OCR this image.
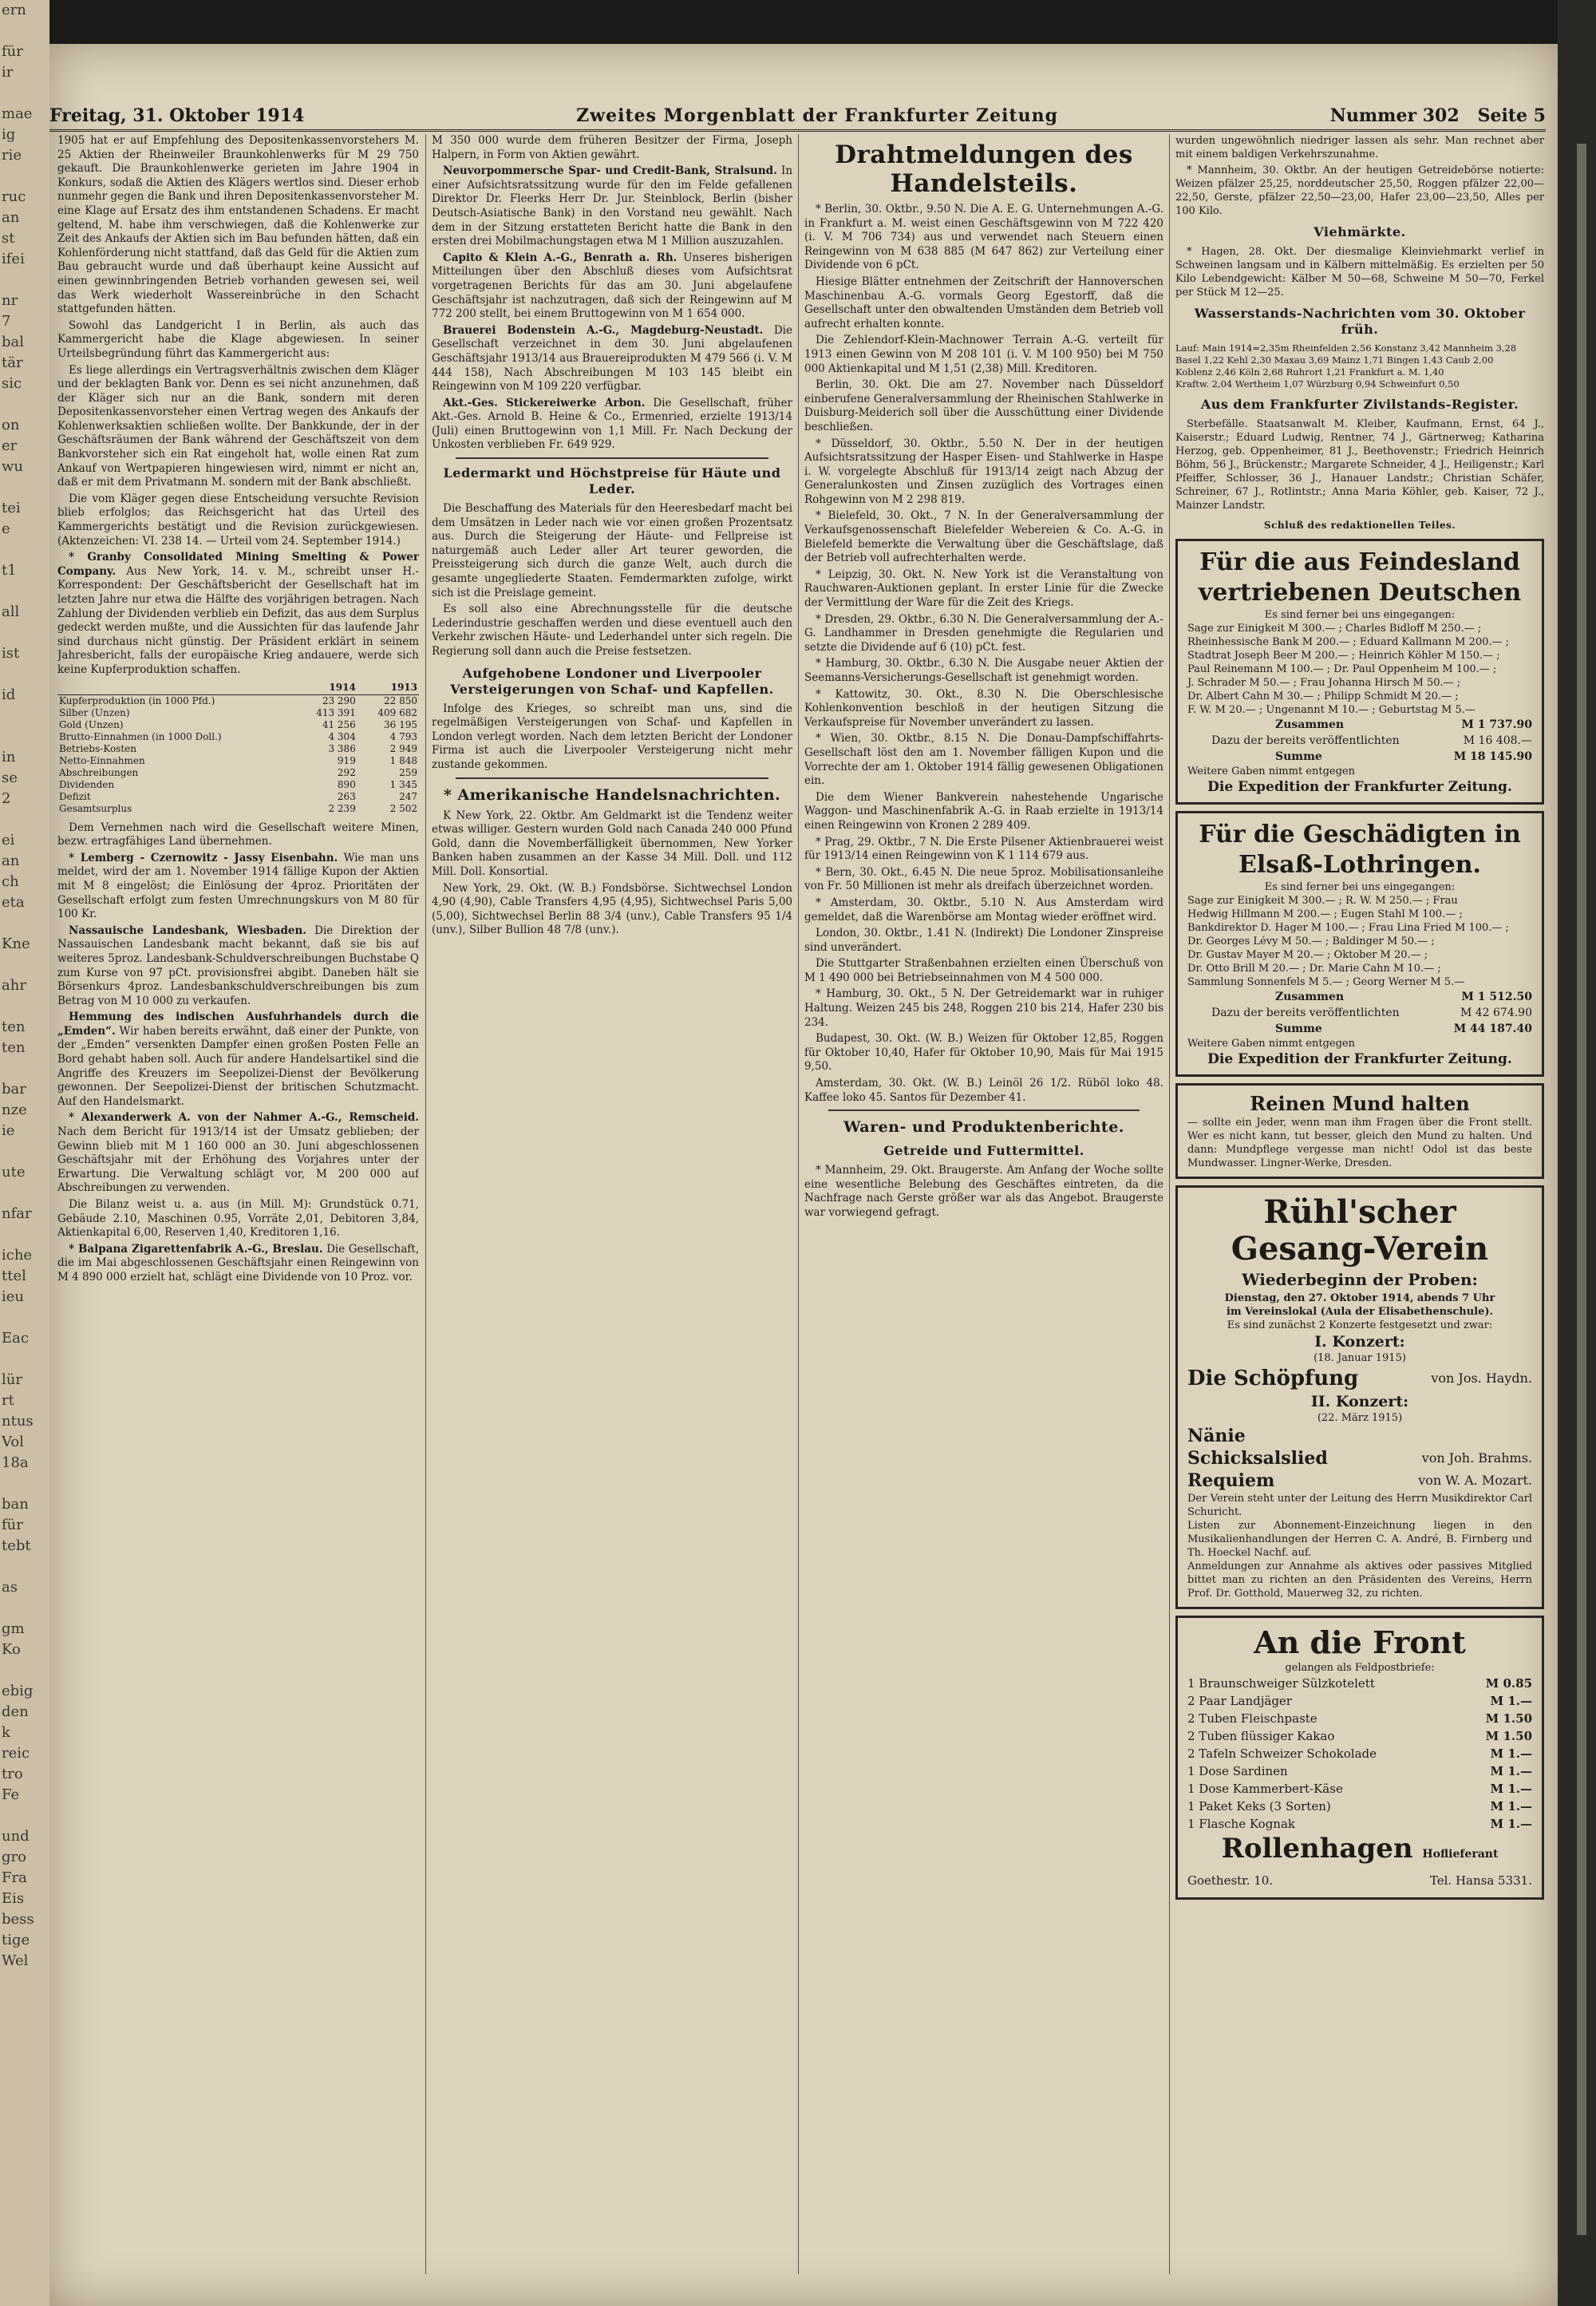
ern

für
ir

mae
ig
rie

ruc
an
st
ifei

nr
7
bal
tär
sic

on
er
wu

tei
e

t1

all

ist

id

in
se
2

ei
an
ch
eta

Kne

ahr

ten
ten

bar
nze
ie

ute

nfar

iche
ttel
ieu

Eac

lür
rt
ntus
Vol
18a

ban
für
tebt

as

gm
Ko

ebig
den
k
reic
tro
Fe

und
gro
Fra
Eis
bess
tige
Wel
Freitag, 31. Oktober 1914	Zweites Morgenblatt der Frankfurter Zeitung	Nummer 302 Seite 5

1905 hat er auf Empfehlung des Depositenkassenvorstehers M. 25 Aktien der Rheinweiler Braunkohlenwerks für M 29 750 gekauft. Die Braunkohlenwerke gerieten im Jahre 1904 in Konkurs, sodaß die Aktien des Klägers wertlos sind. Dieser erhob nunmehr gegen die Bank und ihren Depositenkassenvorsteher M. eine Klage auf Ersatz des ihm entstandenen Schadens. Er macht geltend, M. habe ihm verschwiegen, daß die Kohlenwerke zur Zeit des Ankaufs der Aktien sich im Bau befunden hätten, daß ein Kohlenförderung nicht stattfand, daß das Geld für die Aktien zum Bau gebraucht wurde und daß überhaupt keine Aussicht auf einen gewinnbringenden Betrieb vorhanden gewesen sei, weil das Werk wiederholt Wassereinbrüche in den Schacht stattgefunden hätten.

Sowohl das Landgericht I in Berlin, als auch das Kammergericht habe die Klage abgewiesen. In seiner Urteilsbegründung führt das Kammergericht aus:

Es liege allerdings ein Vertragsverhältnis zwischen dem Kläger und der beklagten Bank vor. Denn es sei nicht anzunehmen, daß der Kläger sich nur an die Bank, sondern mit deren Depositenkassenvorsteher einen Vertrag wegen des Ankaufs der Kohlenwerksaktien schließen wollte. Der Bankkunde, der in der Geschäftsräumen der Bank während der Geschäftszeit von dem Bankvorsteher sich ein Rat eingeholt hat, wolle einen Rat zum Ankauf von Wertpapieren hingewiesen wird, nimmt er nicht an, daß er mit dem Privatmann M. sondern mit der Bank abschließt.

Die vom Kläger gegen diese Entscheidung versuchte Revision blieb erfolglos; das Reichsgericht hat das Urteil des Kammergerichts bestätigt und die Revision zurückgewiesen. (Aktenzeichen: VI. 238 14. — Urteil vom 24. September 1914.)

* Granby Consolidated Mining Smelting & Power Company. Aus New York, 14. v. M., schreibt unser H.-Korrespondent: Der Geschäftsbericht der Gesellschaft hat im letzten Jahre nur etwa die Hälfte des vorjährigen betragen. Nach Zahlung der Dividenden verblieb ein Defizit, das aus dem Surplus gedeckt werden mußte, und die Aussichten für das laufende Jahr sind durchaus nicht günstig. Der Präsident erklärt in seinem Jahresbericht, falls der europäische Krieg andauere, werde sich keine Kupferproduktion schaffen.

	1914	1913
Kupferproduktion (in 1000 Pfd.)	23 290	22 850
Silber (Unzen)	413 391	409 682
Gold (Unzen)	41 256	36 195
Brutto-Einnahmen (in 1000 Doll.)	4 304	4 793
Betriebs-Kosten	3 386	2 949
Netto-Einnahmen	919	1 848
Abschreibungen	292	259
Dividenden	890	1 345
Defizit	263	247
Gesamtsurplus	2 239	2 502

Dem Vernehmen nach wird die Gesellschaft weitere Minen, bezw. ertragfähiges Land übernehmen.

* Lemberg - Czernowitz - Jassy Eisenbahn. Wie man uns meldet, wird der am 1. November 1914 fällige Kupon der Aktien mit M 8 eingelöst; die Einlösung der 4proz. Prioritäten der Gesellschaft erfolgt zum festen Umrechnungskurs von M 80 für 100 Kr.

Nassauische Landesbank, Wiesbaden. Die Direktion der Nassauischen Landesbank macht bekannt, daß sie bis auf weiteres 5proz. Landesbank-Schuldverschreibungen Buchstabe Q zum Kurse von 97 pCt. provisionsfrei abgibt. Daneben hält sie Börsenkurs 4proz. Landesbankschuldverschreibungen bis zum Betrag von M 10 000 zu verkaufen.

Hemmung des indischen Ausfuhrhandels durch die „Emden“. Wir haben bereits erwähnt, daß einer der Punkte, von der „Emden“ versenkten Dampfer einen großen Posten Felle an Bord gehabt haben soll. Auch für andere Handelsartikel sind die Angriffe des Kreuzers im Seepolizei-Dienst der Bevölkerung gewonnen. Der Seepolizei-Dienst der britischen Schutzmacht. Auf den Handelsmarkt.

* Alexanderwerk A. von der Nahmer A.-G., Remscheid. Nach dem Bericht für 1913/14 ist der Umsatz geblieben; der Gewinn blieb mit M 1 160 000 an 30. Juni abgeschlossenen Geschäftsjahr mit der Erhöhung des Vorjahres unter der Erwartung. Die Verwaltung schlägt vor, M 200 000 auf Abschreibungen zu verwenden.

Die Bilanz weist u. a. aus (in Mill. M): Grundstück 0.71, Gebäude 2.10, Maschinen 0.95, Vorräte 2,01, Debitoren 3,84, Aktienkapital 6,00, Reserven 1,40, Kreditoren 1,16.

* Balpana Zigarettenfabrik A.-G., Breslau. Die Gesellschaft, die im Mai abgeschlossenen Geschäftsjahr einen Reingewinn von M 4 890 000 erzielt hat, schlägt eine Dividende von 10 Proz. vor.

M 350 000 wurde dem früheren Besitzer der Firma, Joseph Halpern, in Form von Aktien gewährt.

Neuvorpommersche Spar- und Credit-Bank, Stralsund. In einer Aufsichtsratssitzung wurde für den im Felde gefallenen Direktor Dr. Fleerks Herr Dr. Jur. Steinblock, Berlin (bisher Deutsch-Asiatische Bank) in den Vorstand neu gewählt. Nach dem in der Sitzung erstatteten Bericht hatte die Bank in den ersten drei Mobilmachungstagen etwa M 1 Million auszuzahlen.

Capito & Klein A.-G., Benrath a. Rh. Unseres bisherigen Mitteilungen über den Abschluß dieses vom Aufsichtsrat vorgetragenen Berichts für das am 30. Juni abgelaufene Geschäftsjahr ist nachzutragen, daß sich der Reingewinn auf M 772 200 stellt, bei einem Bruttogewinn von M 1 654 000.

Brauerei Bodenstein A.-G., Magdeburg-Neustadt. Die Gesellschaft verzeichnet in dem 30. Juni abgelaufenen Geschäftsjahr 1913/14 aus Brauereiprodukten M 479 566 (i. V. M 444 158), Nach Abschreibungen M 103 145 bleibt ein Reingewinn von M 109 220 verfügbar.

Akt.-Ges. Stickereiwerke Arbon. Die Gesellschaft, früher Akt.-Ges. Arnold B. Heine & Co., Ermenried, erzielte 1913/14 (Juli) einen Bruttogewinn von 1,1 Mill. Fr. Nach Deckung der Unkosten verblieben Fr. 649 929.

Ledermarkt und Höchstpreise für Häute und Leder.

Die Beschaffung des Materials für den Heeresbedarf macht bei dem Umsätzen in Leder nach wie vor einen großen Prozentsatz aus. Durch die Steigerung der Häute- und Fellpreise ist naturgemäß auch Leder aller Art teurer geworden, die Preissteigerung sich durch die ganze Welt, auch durch die gesamte ungegliederte Staaten. Femdermarkten zufolge, wirkt sich ist die Preislage gemeint.

Es soll also eine Abrechnungsstelle für die deutsche Lederindustrie geschaffen werden und diese eventuell auch den Verkehr zwischen Häute- und Lederhandel unter sich regeln. Die Regierung soll dann auch die Preise festsetzen.

Aufgehobene Londoner und Liverpooler Versteigerungen von Schaf- und Kapfellen.

Infolge des Krieges, so schreibt man uns, sind die regelmäßigen Versteigerungen von Schaf- und Kapfellen in London verlegt worden. Nach dem letzten Bericht der Londoner Firma ist auch die Liverpooler Versteigerung nicht mehr zustande gekommen.

* Amerikanische Handelsnachrichten.

K New York, 22. Oktbr. Am Geldmarkt ist die Tendenz weiter etwas williger. Gestern wurden Gold nach Canada 240 000 Pfund Gold, dann die Novemberfälligkeit übernommen, New Yorker Banken haben zusammen an der Kasse 34 Mill. Doll. und 112 Mill. Doll. Konsortial.

New York, 29. Okt. (W. B.) Fondsbörse. Sichtwechsel London 4,90 (4,90), Cable Transfers 4,95 (4,95), Sichtwechsel Paris 5,00 (5,00), Sichtwechsel Berlin 88 3/4 (unv.), Cable Transfers 95 1/4 (unv.), Silber Bullion 48 7/8 (unv.).

Drahtmeldungen des Handelsteils.

* Berlin, 30. Oktbr., 9.50 N. Die A. E. G. Unternehmungen A.-G. in Frankfurt a. M. weist einen Geschäftsgewinn von M 722 420 (i. V. M 706 734) aus und verwendet nach Steuern einen Reingewinn von M 638 885 (M 647 862) zur Verteilung einer Dividende von 6 pCt.

Hiesige Blätter entnehmen der Zeitschrift der Hannoverschen Maschinenbau A.-G. vormals Georg Egestorff, daß die Gesellschaft unter den obwaltenden Umständen dem Betrieb voll aufrecht erhalten konnte.

Die Zehlendorf-Klein-Machnower Terrain A.-G. verteilt für 1913 einen Gewinn von M 208 101 (i. V. M 100 950) bei M 750 000 Aktienkapital und M 1,51 (2,38) Mill. Kreditoren.

Berlin, 30. Okt. Die am 27. November nach Düsseldorf einberufene Generalversammlung der Rheinischen Stahlwerke in Duisburg-Meiderich soll über die Ausschüttung einer Dividende beschließen.

* Düsseldorf, 30. Oktbr., 5.50 N. Der in der heutigen Aufsichtsratssitzung der Hasper Eisen- und Stahlwerke in Haspe i. W. vorgelegte Abschluß für 1913/14 zeigt nach Abzug der Generalunkosten und Zinsen zuzüglich des Vortrages einen Rohgewinn von M 2 298 819.

* Bielefeld, 30. Okt., 7 N. In der Generalversammlung der Verkaufsgenossenschaft Bielefelder Webereien & Co. A.-G. in Bielefeld bemerkte die Verwaltung über die Geschäftslage, daß der Betrieb voll aufrechterhalten werde.

* Leipzig, 30. Okt. N. New York ist die Veranstaltung von Rauchwaren-Auktionen geplant. In erster Linie für die Zwecke der Vermittlung der Ware für die Zeit des Kriegs.

* Dresden, 29. Oktbr., 6.30 N. Die Generalversammlung der A.-G. Landhammer in Dresden genehmigte die Regularien und setzte die Dividende auf 6 (10) pCt. fest.

* Hamburg, 30. Oktbr., 6.30 N. Die Ausgabe neuer Aktien der Seemanns-Versicherungs-Gesellschaft ist genehmigt worden.

* Kattowitz, 30. Okt., 8.30 N. Die Oberschlesische Kohlenkonvention beschloß in der heutigen Sitzung die Verkaufspreise für November unverändert zu lassen.

* Wien, 30. Oktbr., 8.15 N. Die Donau-Dampfschiffahrts-Gesellschaft löst den am 1. November fälligen Kupon und die Vorrechte der am 1. Oktober 1914 fällig gewesenen Obligationen ein.

Die dem Wiener Bankverein nahestehende Ungarische Waggon- und Maschinenfabrik A.-G. in Raab erzielte in 1913/14 einen Reingewinn von Kronen 2 289 409.

* Prag, 29. Oktbr., 7 N. Die Erste Pilsener Aktienbrauerei weist für 1913/14 einen Reingewinn von K 1 114 679 aus.

* Bern, 30. Okt., 6.45 N. Die neue 5proz. Mobilisationsanleihe von Fr. 50 Millionen ist mehr als dreifach überzeichnet worden.

* Amsterdam, 30. Oktbr., 5.10 N. Aus Amsterdam wird gemeldet, daß die Warenbörse am Montag wieder eröffnet wird.

London, 30. Oktbr., 1.41 N. (Indirekt) Die Londoner Zinspreise sind unverändert.

Die Stuttgarter Straßenbahnen erzielten einen Überschuß von M 1 490 000 bei Betriebseinnahmen von M 4 500 000.

* Hamburg, 30. Okt., 5 N. Der Getreidemarkt war in ruhiger Haltung. Weizen 245 bis 248, Roggen 210 bis 214, Hafer 230 bis 234.

Budapest, 30. Okt. (W. B.) Weizen für Oktober 12,85, Roggen für Oktober 10,40, Hafer für Oktober 10,90, Mais für Mai 1915 9,50.

Amsterdam, 30. Okt. (W. B.) Leinöl 26 1/2. Rüböl loko 48. Kaffee loko 45. Santos für Dezember 41.

Waren- und Produktenberichte.
Getreide und Futtermittel.

* Mannheim, 29. Okt. Braugerste. Am Anfang der Woche sollte eine wesentliche Belebung des Geschäftes eintreten, da die Nachfrage nach Gerste größer war als das Angebot. Braugerste war vorwiegend gefragt.

wurden ungewöhnlich niedriger lassen als sehr. Man rechnet aber mit einem baldigen Verkehrszunahme.

* Mannheim, 30. Oktbr. An der heutigen Getreidebörse notierte: Weizen pfälzer 25,25, norddeutscher 25,50, Roggen pfälzer 22,00—22,50, Gerste, pfälzer 22,50—23,00, Hafer 23,00—23,50, Alles per 100 Kilo.

Viehmärkte.

* Hagen, 28. Okt. Der diesmalige Kleinviehmarkt verlief in Schweinen langsam und in Kälbern mittelmäßig. Es erzielten per 50 Kilo Lebendgewicht: Kälber M 50—68, Schweine M 50—70, Ferkel per Stück M 12—25.

Wasserstands-Nachrichten vom 30. Oktober früh.
Lauf: Main 1914=2,35m Rheinfelden 2,56 Konstanz 3,42 Mannheim 3,28
Basel 1,22 Kehl 2,30 Maxau 3,69 Mainz 1,71 Bingen 1,43 Caub 2,00
Koblenz 2,46 Köln 2,68 Ruhrort 1,21 Frankfurt a. M. 1,40
Kraftw. 2,04 Wertheim 1,07 Würzburg 0,94 Schweinfurt 0,50
Aus dem Frankfurter Zivilstands-Register.

Sterbefälle. Staatsanwalt M. Kleiber, Kaufmann, Ernst, 64 J., Kaiserstr.; Eduard Ludwig, Rentner, 74 J., Gärtnerweg; Katharina Herzog, geb. Oppenheimer, 81 J., Beethovenstr.; Friedrich Heinrich Böhm, 56 J., Brückenstr.; Margarete Schneider, 4 J., Heiligenstr.; Karl Pfeiffer, Schlosser, 36 J., Hanauer Landstr.; Christian Schäfer, Schreiner, 67 J., Rotlintstr.; Anna Maria Köhler, geb. Kaiser, 72 J., Mainzer Landstr.

Schluß des redaktionellen Teiles.
Für die aus Feindesland vertriebenen Deutschen
Es sind ferner bei uns eingegangen:
Sage zur Einigkeit M 300.— ; Charles Bidloff M 250.— ;
Rheinhessische Bank M 200.— ; Eduard Kallmann M 200.— ;
Stadtrat Joseph Beer M 200.— ; Heinrich Köhler M 150.— ;
Paul Reinemann M 100.— ; Dr. Paul Oppenheim M 100.— ;
J. Schrader M 50.— ; Frau Johanna Hirsch M 50.— ;
Dr. Albert Cahn M 30.— ; Philipp Schmidt M 20.— ;
F. W. M 20.— ; Ungenannt M 10.— ; Geburtstag M 5.—
Zusammen	M 1 737.90
Dazu der bereits veröffentlichten	M 16 408.—
Summe	M 18 145.90
Weitere Gaben nimmt entgegen
Die Expedition der Frankfurter Zeitung.
Für die Geschädigten in Elsaß-Lothringen.
Es sind ferner bei uns eingegangen:
Sage zur Einigkeit M 300.— ; R. W. M 250.— ; Frau
Hedwig Hillmann M 200.— ; Eugen Stahl M 100.— ;
Bankdirektor D. Hager M 100.— ; Frau Lina Fried M 100.— ;
Dr. Georges Lévy M 50.— ; Baldinger M 50.— ;
Dr. Gustav Mayer M 20.— ; Oktober M 20.— ;
Dr. Otto Brill M 20.— ; Dr. Marie Cahn M 10.— ;
Sammlung Sonnenfels M 5.— ; Georg Werner M 5.—
Zusammen	M 1 512.50
Dazu der bereits veröffentlichten	M 42 674.90
Summe	M 44 187.40
Weitere Gaben nimmt entgegen
Die Expedition der Frankfurter Zeitung.
Reinen Mund halten
— sollte ein Jeder, wenn man ihm Fragen über die Front stellt. Wer es nicht kann, tut besser, gleich den Mund zu halten. Und dann: Mundpflege vergesse man nicht! Odol ist das beste Mundwasser. Lingner-Werke, Dresden.
Rühl'scher Gesang-Verein
Wiederbeginn der Proben:
Dienstag, den 27. Oktober 1914, abends 7 Uhr
im Vereinslokal (Aula der Elisabethenschule).
Es sind zunächst 2 Konzerte festgesetzt und zwar:
I. Konzert:
(18. Januar 1915)
Die Schöpfung	von Jos. Haydn.
II. Konzert:
(22. März 1915)
Nänie
Schicksalslied	von Joh. Brahms.
Requiem	von W. A. Mozart.
Der Verein steht unter der Leitung des Herrn Musikdirektor Carl Schuricht.
Listen zur Abonnement-Einzeichnung liegen in den Musikalienhandlungen der Herren C. A. André, B. Firnberg und Th. Hoeckel Nachf. auf.
Anmeldungen zur Annahme als aktives oder passives Mitglied bittet man zu richten an den Präsidenten des Vereins, Herrn Prof. Dr. Gotthold, Mauerweg 32, zu richten.
An die Front
gelangen als Feldpostbriefe:
1 Braunschweiger Sülzkotelett	M 0.85
2 Paar Landjäger	M 1.—
2 Tuben Fleischpaste	M 1.50
2 Tuben flüssiger Kakao	M 1.50
2 Tafeln Schweizer Schokolade	M 1.—
1 Dose Sardinen	M 1.—
1 Dose Kammerbert-Käse	M 1.—
1 Paket Keks (3 Sorten)	M 1.—
1 Flasche Kognak	M 1.—
Rollenhagen Hoflieferant
Goethestr. 10.	Tel. Hansa 5331.
